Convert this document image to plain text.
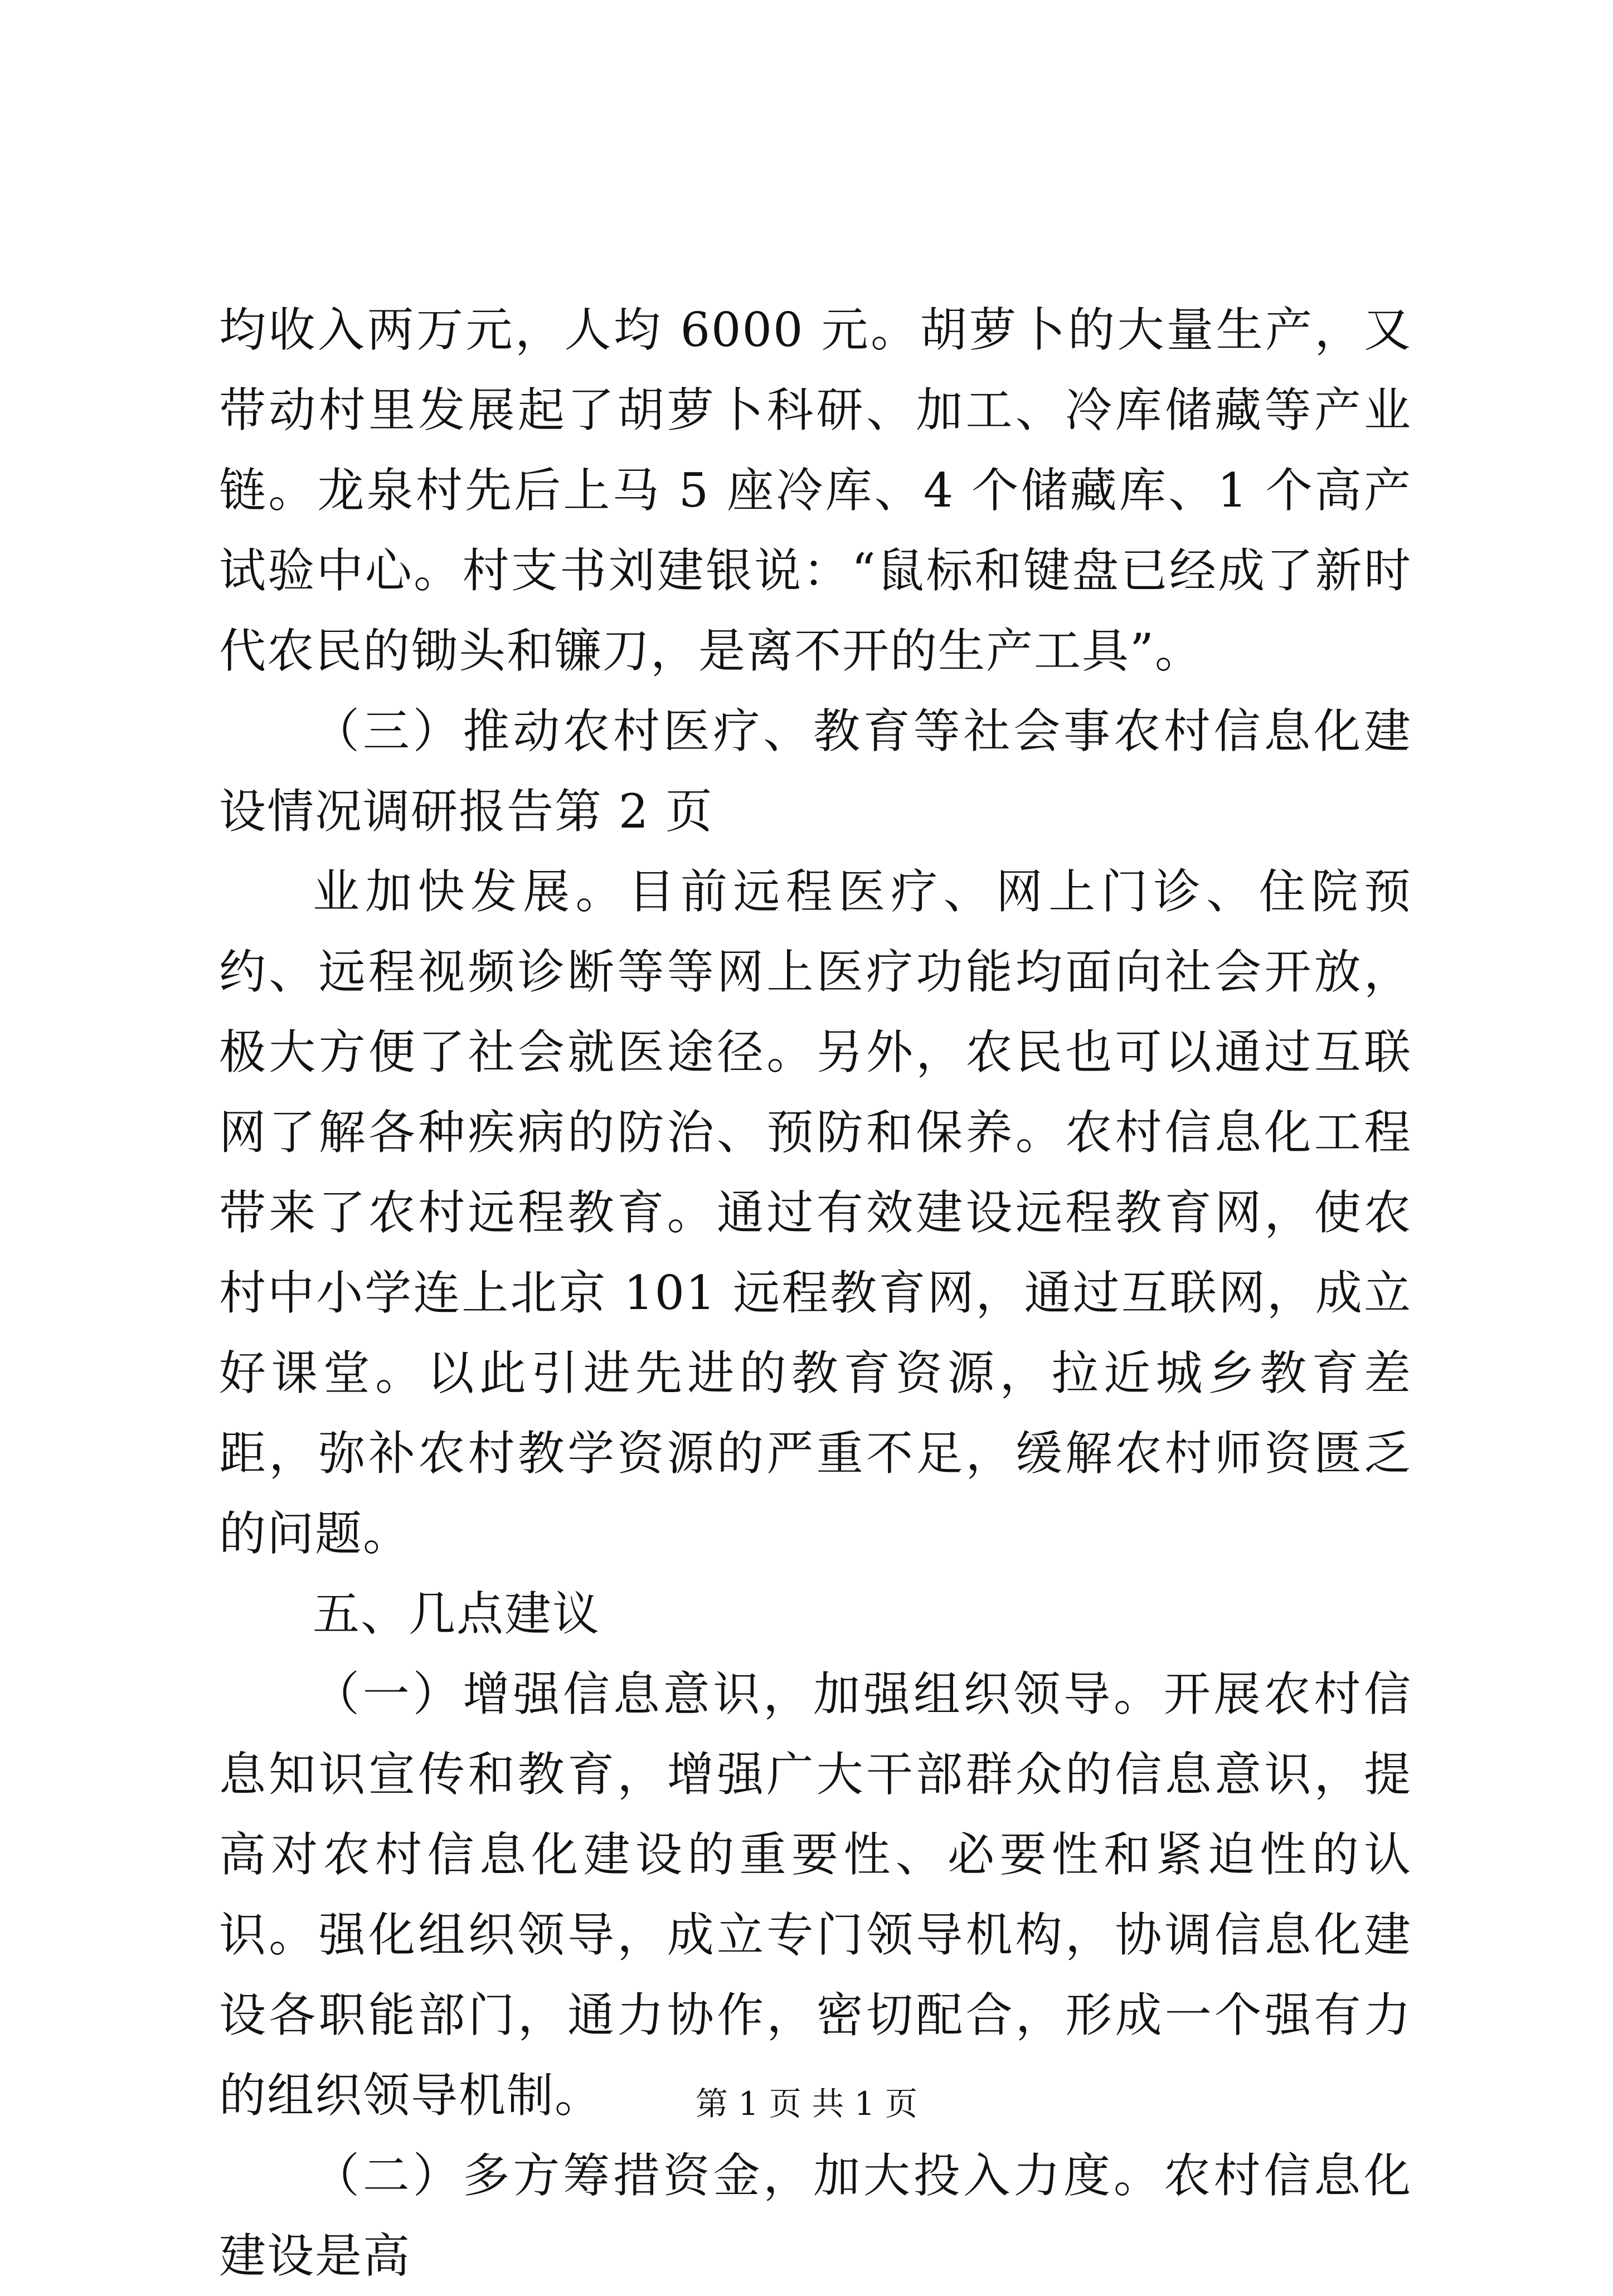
均收入两万元，人均 6000 元。胡萝卜的大量生产，又带动村里发展起了胡萝卜科研、加工、冷库储藏等产业链。龙泉村先后上马 5 座冷库、4 个储藏库、1 个高产试验中心。村支书刘建银说：“鼠标和键盘已经成了新时代农民的锄头和镰刀，是离不开的生产工具”。

（三）推动农村医疗、教育等社会事农村信息化建设情况调研报告第 2 页

业加快发展。目前远程医疗、网上门诊、住院预约、远程视频诊断等等网上医疗功能均面向社会开放，极大方便了社会就医途径。另外，农民也可以通过互联网了解各种疾病的防治、预防和保养。农村信息化工程带来了农村远程教育。通过有效建设远程教育网，使农村中小学连上北京 101 远程教育网，通过互联网，成立好课堂。以此引进先进的教育资源，拉近城乡教育差距，弥补农村教学资源的严重不足，缓解农村师资匮乏的问题。

五、几点建议

（一）增强信息意识，加强组织领导。开展农村信息知识宣传和教育，增强广大干部群众的信息意识，提高对农村信息化建设的重要性、必要性和紧迫性的认识。强化组织领导，成立专门领导机构，协调信息化建设各职能部门，通力协作，密切配合，形成一个强有力的组织领导机制。

（二）多方筹措资金，加大投入力度。农村信息化建设是高

第 1 页 共 1 页
